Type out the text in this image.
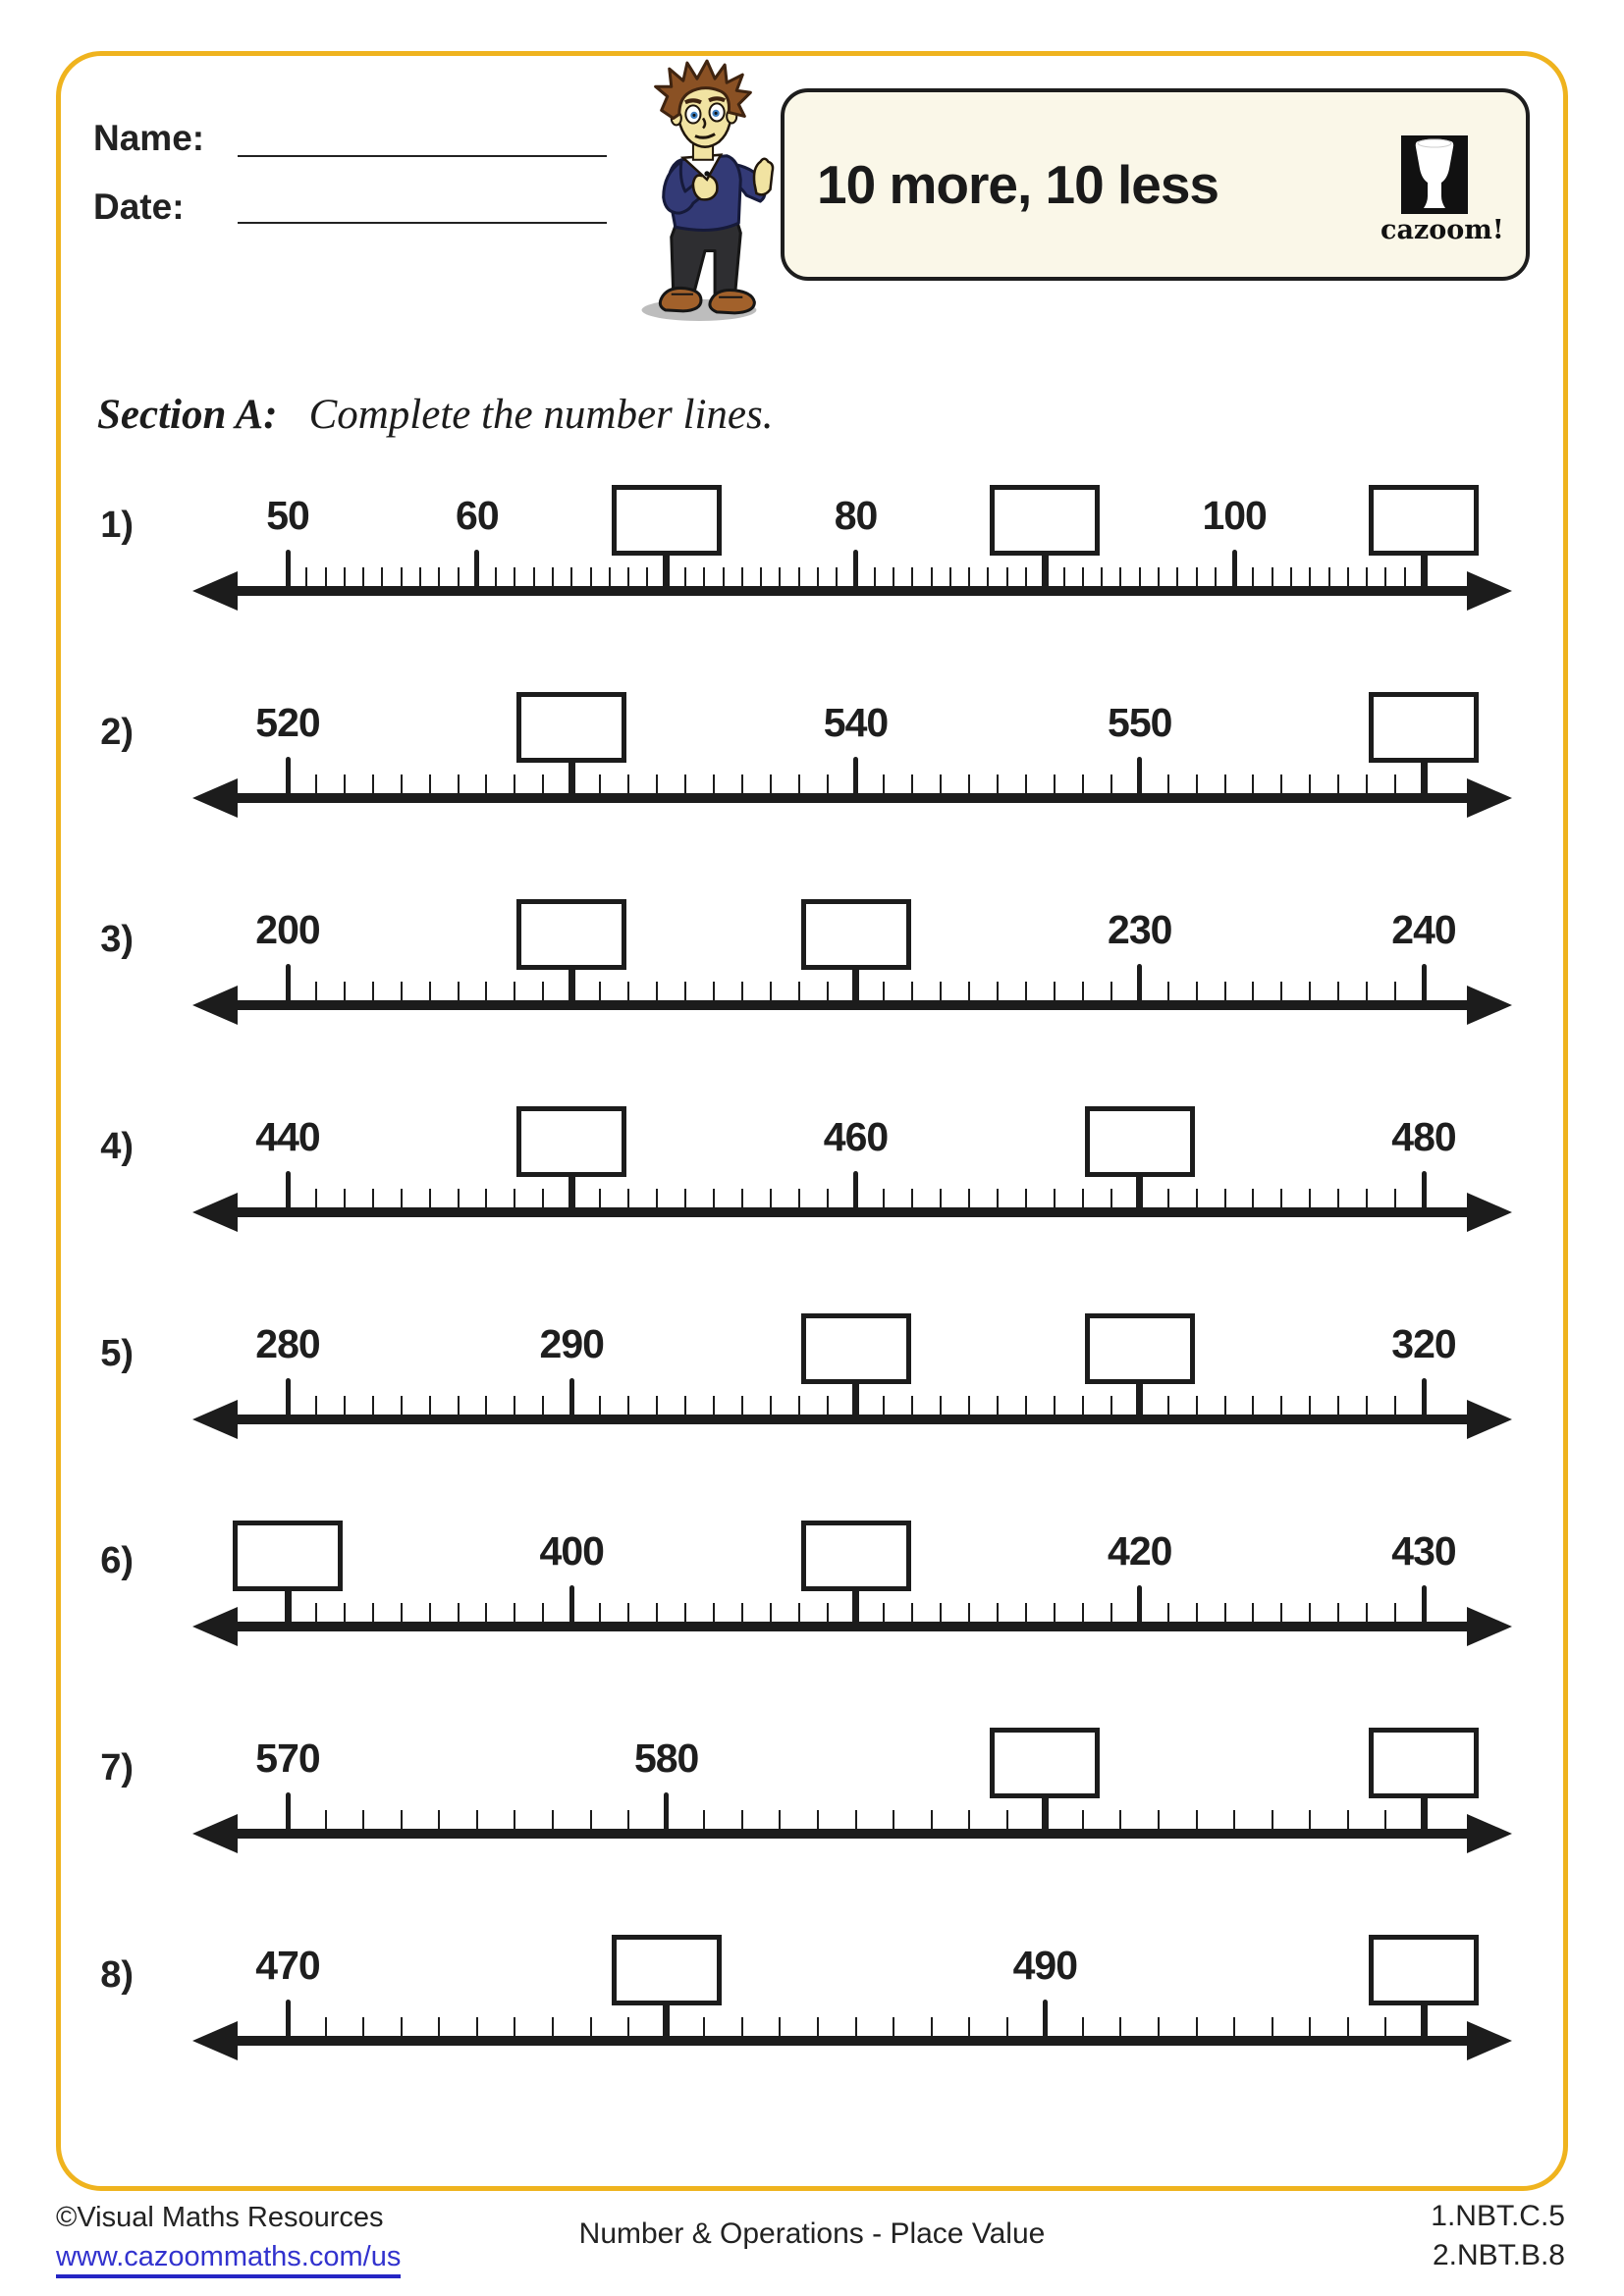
Name:
Date:	10 more, 10 less
cazoom!
Section A: Complete the number lines.
1)	50	60	80	100
2)	520	540	550
3)	200	230	240
4)	440	460	480
5)	280	290	320
6)	400	420	430
7)	570	580
8)	470	490
©Visual Maths Resources
www.cazoommaths.com/us
Number & Operations - Place Value
1.NBT.C.5
2.NBT.B.8
